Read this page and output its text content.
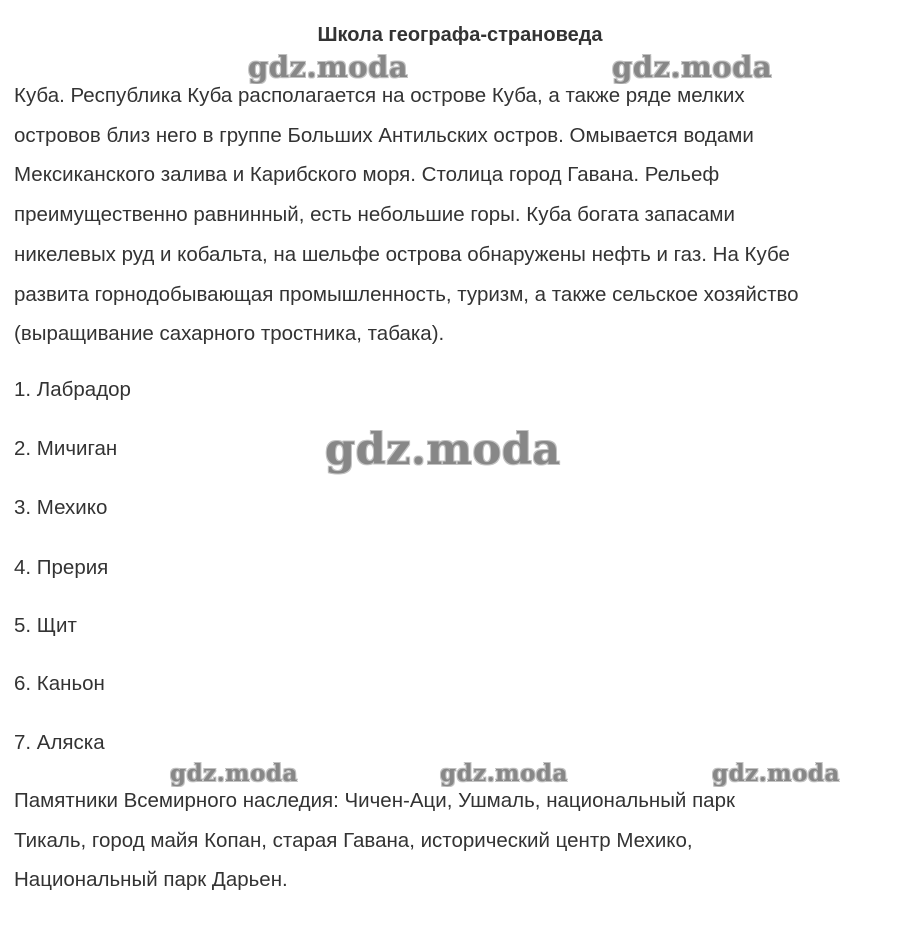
Школа географа-страноведа

Куба. Республика Куба располагается на острове Куба, а также ряде мелких
островов близ него в группе Больших Антильских остров. Омывается водами
Мексиканского залива и Карибского моря. Столица город Гавана. Рельеф
преимущественно равнинный, есть небольшие горы. Куба богата запасами
никелевых руд и кобальта, на шельфе острова обнаружены нефть и газ. На Кубе
развита горнодобывающая промышленность, туризм, а также сельское хозяйство
(выращивание сахарного тростника, табака).

1. Лабрадор
2. Мичиган
3. Мехико
4. Прерия
5. Щит
6. Каньон
7. Аляска

Памятники Всемирного наследия: Чичен-Аци, Ушмаль, национальный парк
Тикаль, город майя Копан, старая Гавана, исторический центр Мехико,
Национальный парк Дарьен.

gdz.moda	gdz.moda
gdz.moda
gdz.moda	gdz.moda	gdz.moda
